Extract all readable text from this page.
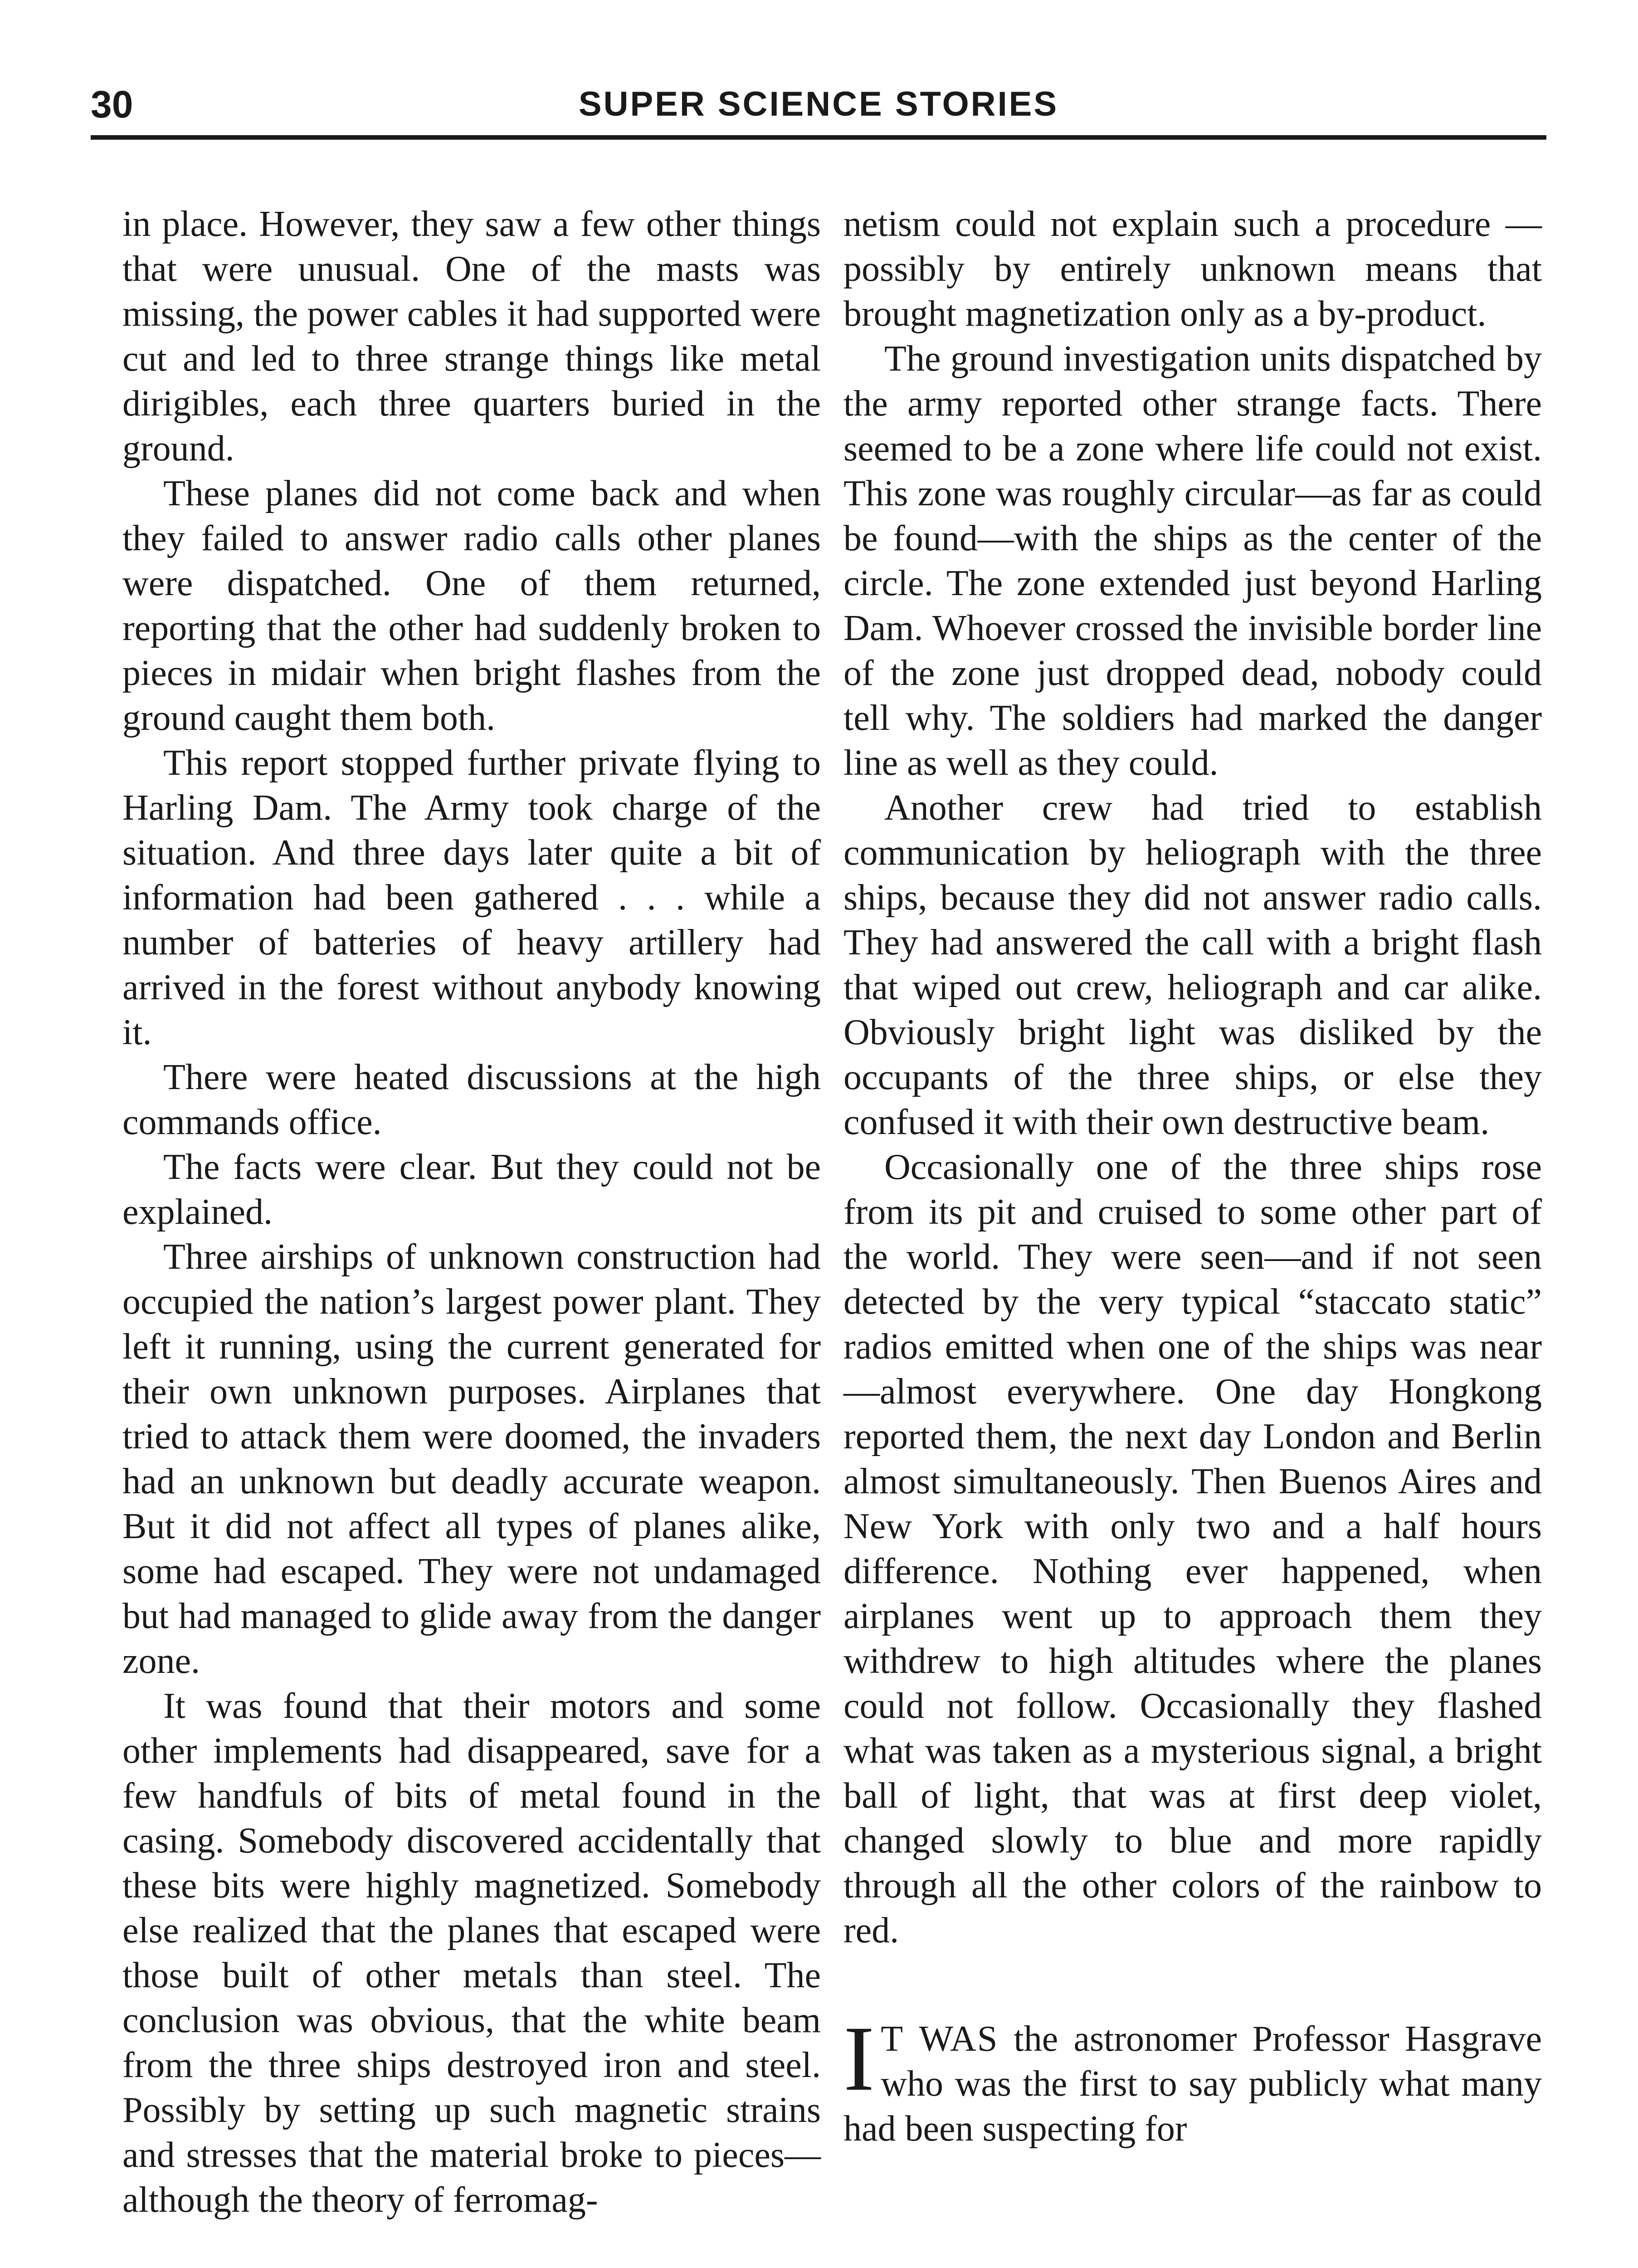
30	SUPER SCIENCE STORIES

in place. However, they saw a few other things that were unusual. One of the masts was missing, the power cables it had supported were cut and led to three strange things like metal dirigibles, each three quarters buried in the ground.

These planes did not come back and when they failed to answer radio calls other planes were dispatched. One of them returned, reporting that the other had suddenly broken to pieces in midair when bright flashes from the ground caught them both.

This report stopped further private flying to Harling Dam. The Army took charge of the situation. And three days later quite a bit of information had been gathered . . . while a number of batteries of heavy artillery had arrived in the forest without anybody knowing it.

There were heated discussions at the high commands office.

The facts were clear. But they could not be explained.

Three airships of unknown construction had occupied the nation’s largest power plant. They left it running, using the current generated for their own unknown purposes. Airplanes that tried to attack them were doomed, the invaders had an unknown but deadly accurate weapon. But it did not affect all types of planes alike, some had escaped. They were not undamaged but had managed to glide away from the danger zone.

It was found that their motors and some other implements had disappeared, save for a few handfuls of bits of metal found in the casing. Somebody discovered accidentally that these bits were highly magnetized. Somebody else realized that the planes that escaped were those built of other metals than steel. The conclusion was obvious, that the white beam from the three ships destroyed iron and steel. Possibly by setting up such magnetic strains and stresses that the material broke to pieces—although the theory of ferromag-

netism could not explain such a procedure —possibly by entirely unknown means that brought magnetization only as a by-product.

The ground investigation units dispatched by the army reported other strange facts. There seemed to be a zone where life could not exist. This zone was roughly circular—as far as could be found—with the ships as the center of the circle. The zone extended just beyond Harling Dam. Whoever crossed the invisible border line of the zone just dropped dead, nobody could tell why. The soldiers had marked the danger line as well as they could.

Another crew had tried to establish communication by heliograph with the three ships, because they did not answer radio calls. They had answered the call with a bright flash that wiped out crew, heliograph and car alike. Obviously bright light was disliked by the occupants of the three ships, or else they confused it with their own destructive beam.

Occasionally one of the three ships rose from its pit and cruised to some other part of the world. They were seen—and if not seen detected by the very typical “staccato static” radios emitted when one of the ships was near—almost everywhere. One day Hongkong reported them, the next day London and Berlin almost simultaneously. Then Buenos Aires and New York with only two and a half hours difference. Nothing ever happened, when airplanes went up to approach them they withdrew to high altitudes where the planes could not follow. Occasionally they flashed what was taken as a mysterious signal, a bright ball of light, that was at first deep violet, changed slowly to blue and more rapidly through all the other colors of the rainbow to red.

I T WAS the astronomer Professor Hasgrave who was the first to say publicly what many had been suspecting for
